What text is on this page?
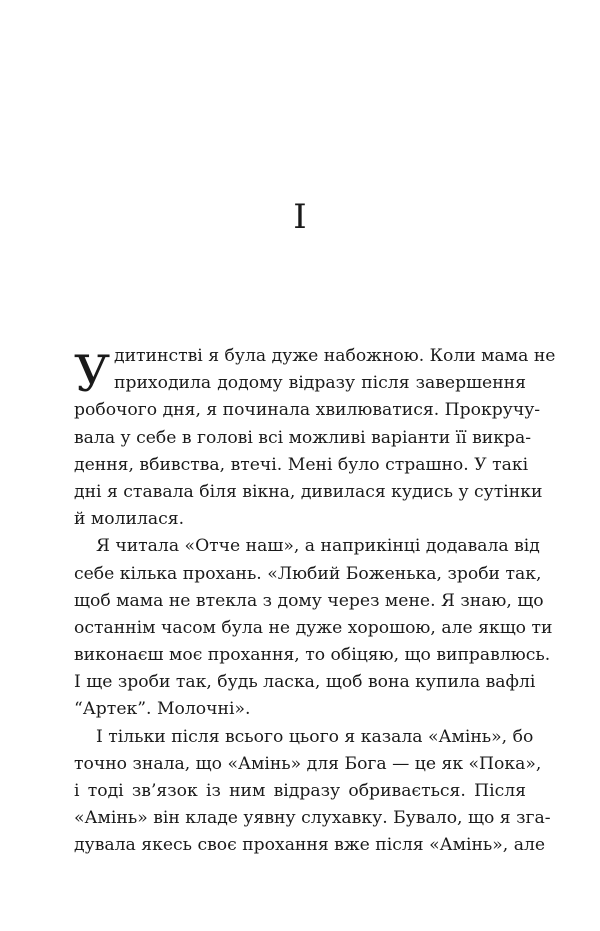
I
У дитинстві я була дуже набожною. Коли мама не
приходила додому відразу після завершення
робочого дня, я починала хвилюватися. Прокручу-
вала у себе в голові всі можливі варіанти її викра-
дення, вбивства, втечі. Мені було страшно. У такі
дні я ставала біля вікна, дивилася кудись у сутінки
й молилася.
Я читала «Отче наш», а наприкінці додавала від
себе кілька прохань. «Любий Боженька, зроби так,
щоб мама не втекла з дому через мене. Я знаю, що
останнім часом була не дуже хорошою, але якщо ти
виконаєш моє прохання, то обіцяю, що виправлюсь.
І ще зроби так, будь ласка, щоб вона купила вафлі
“Артек”. Молочні».
І тільки після всього цього я казала «Амінь», бо
точно знала, що «Амінь» для Бога — це як «Пока»,
і тоді зв’язок із ним відразу обривається. Після
«Амінь» він кладе уявну слухавку. Бувало, що я зга-
дувала якесь своє прохання вже після «Амінь», але
